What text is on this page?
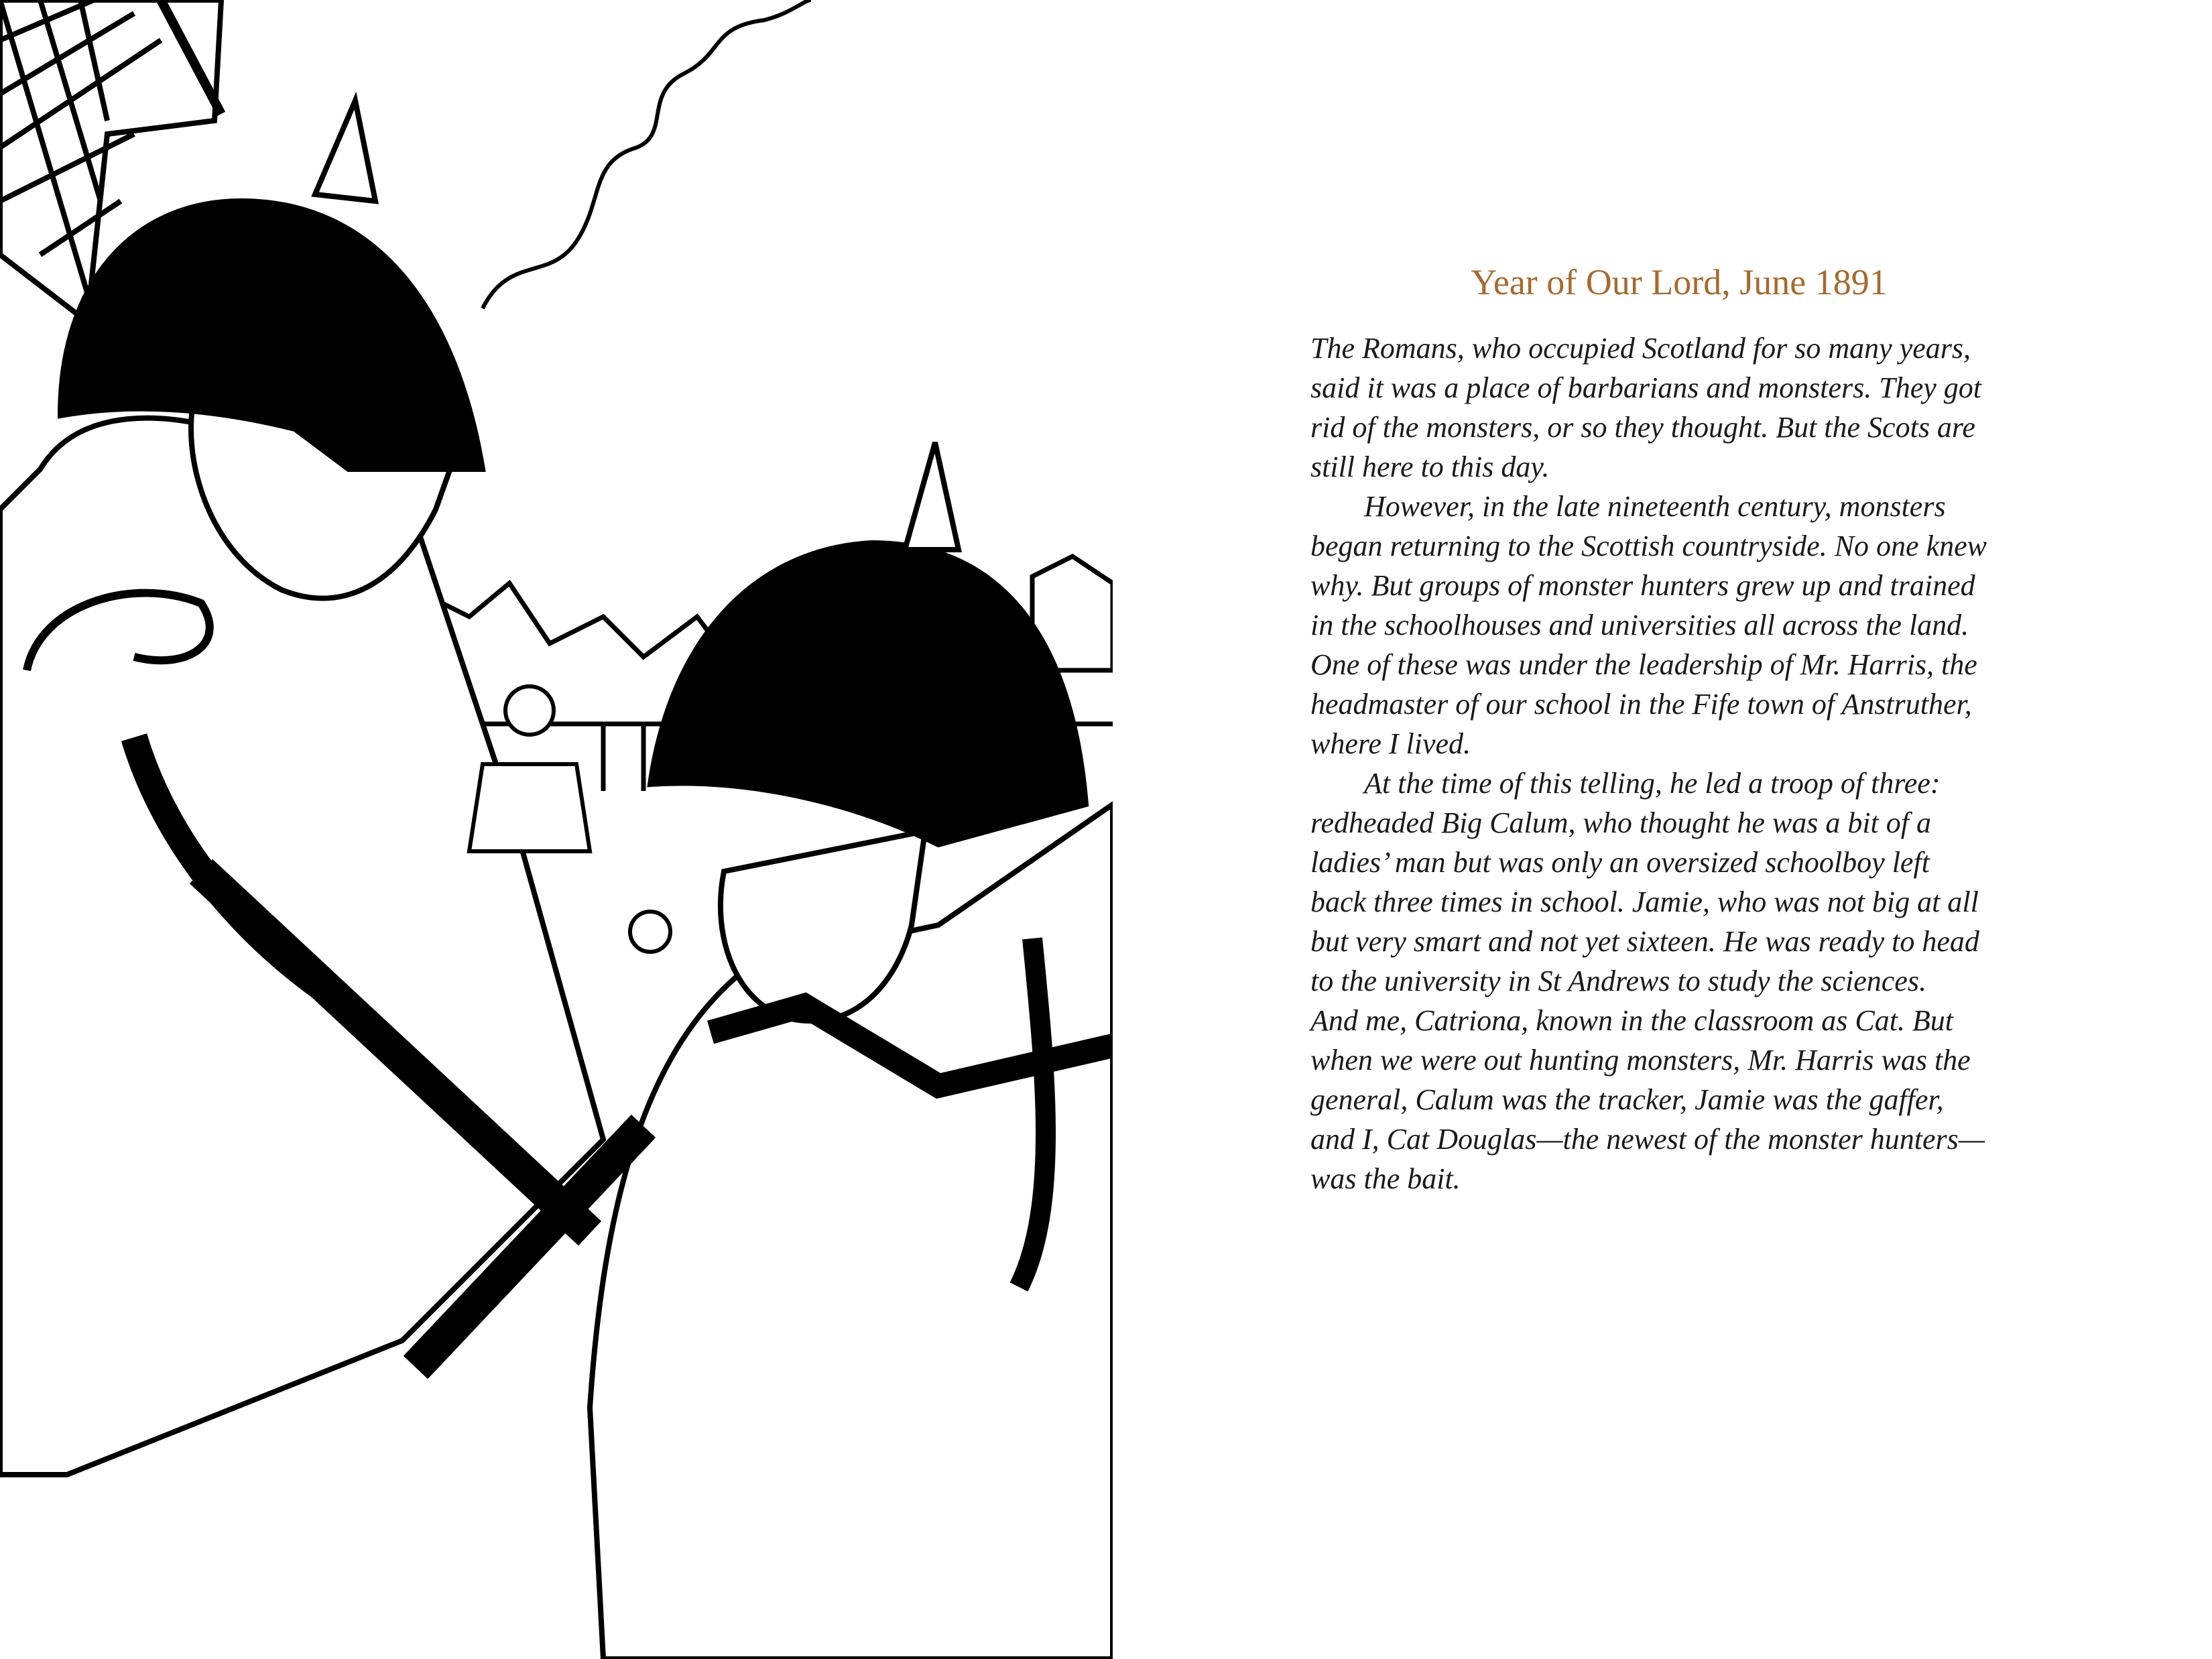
Year of Our Lord, June 1891
The Romans, who occupied Scotland for so many years,
said it was a place of barbarians and monsters. They got
rid of the monsters, or so they thought. But the Scots are
still here to this day.
However, in the late nineteenth century, monsters
began returning to the Scottish countryside. No one knew
why. But groups of monster hunters grew up and trained
in the schoolhouses and universities all across the land.
One of these was under the leadership of Mr. Harris, the
headmaster of our school in the Fife town of Anstruther,
where I lived.
At the time of this telling, he led a troop of three:
redheaded Big Calum, who thought he was a bit of a
ladies’ man but was only an oversized schoolboy left
back three times in school. Jamie, who was not big at all
but very smart and not yet sixteen. He was ready to head
to the university in St Andrews to study the sciences.
And me, Catriona, known in the classroom as Cat. But
when we were out hunting monsters, Mr. Harris was the
general, Calum was the tracker, Jamie was the gaffer,
and I, Cat Douglas—the newest of the monster hunters—
was the bait.
